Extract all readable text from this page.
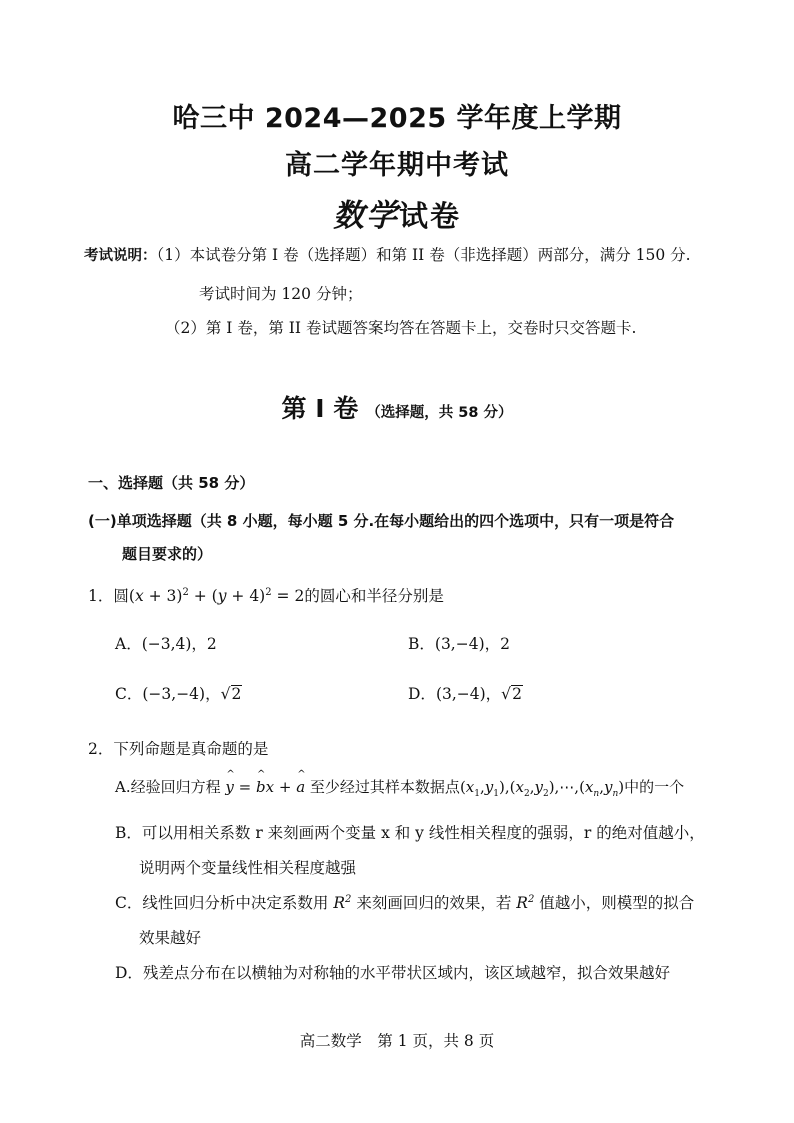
哈三中 2024—2025 学年度上学期
高二学年期中考试
数学试卷
考试说明：（1）本试卷分第 I 卷（选择题）和第 II 卷（非选择题）两部分，满分 150 分.
考试时间为 120 分钟；
（2）第 I 卷，第 II 卷试题答案均答在答题卡上，交卷时只交答题卡.
第 I 卷 （选择题，共 58 分）
一、选择题（共 58 分）
(一)单项选择题（共 8 小题，每小题 5 分.在每小题给出的四个选项中，只有一项是符合
题目要求的）
1．圆$(x + 3)^2 + (y + 4)^2 = 2$的圆心和半径分别是
A．(−3,4)，2	B．(3,−4)，2
C．(−3,−4)，√2	D．(3,−4)，√2
2．下列命题是真命题的是
A.经验回归方程 ^ y = ^ bx + ^ a 至少经过其样本数据点$(x_1,y_1),(x_2,y_2),\cdots,(x_n,y_n)$中的一个
B．可以用相关系数 r 来刻画两个变量 x 和 y 线性相关程度的强弱，r 的绝对值越小，
说明两个变量线性相关程度越强
C．线性回归分析中决定系数用 $R^2$ 来刻画回归的效果，若 $R^2$ 值越小，则模型的拟合
效果越好
D．残差点分布在以横轴为对称轴的水平带状区域内，该区域越窄，拟合效果越好
高二数学　第 1 页，共 8 页
